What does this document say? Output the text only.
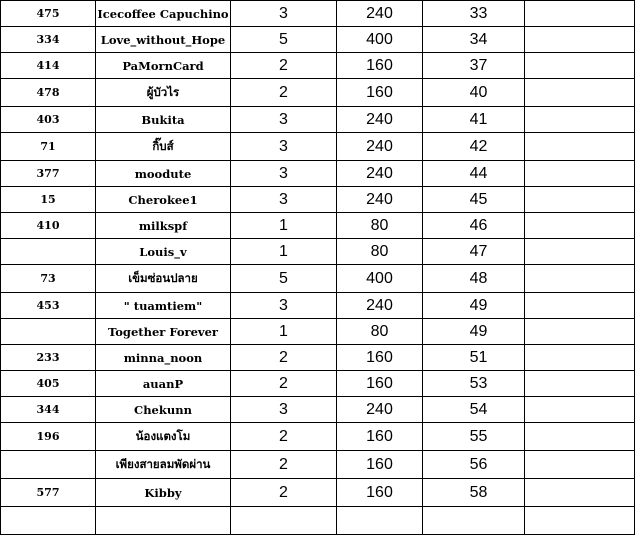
475	Icecoffee Capuchino	3	240	33	
334	Love_without_Hope	5	400	34	
414	PaMornCard	2	160	37	
478	ผู้บัวไร	2	160	40	
403	Bukita	3	240	41	
71	กิ๊บส์	3	240	42	
377	moodute	3	240	44	
15	Cherokee1	3	240	45	
410	milkspf	1	80	46	
	Louis_v	1	80	47	
73	เข็มซ่อนปลาย	5	400	48	
453	" tuamtiem"	3	240	49	
	Together Forever	1	80	49	
233	minna_noon	2	160	51	
405	auanP	2	160	53	
344	Chekunn	3	240	54	
196	น้องแตงโม	2	160	55	
	เพียงสายลมพัดผ่าน	2	160	56	
577	Kibby	2	160	58	
